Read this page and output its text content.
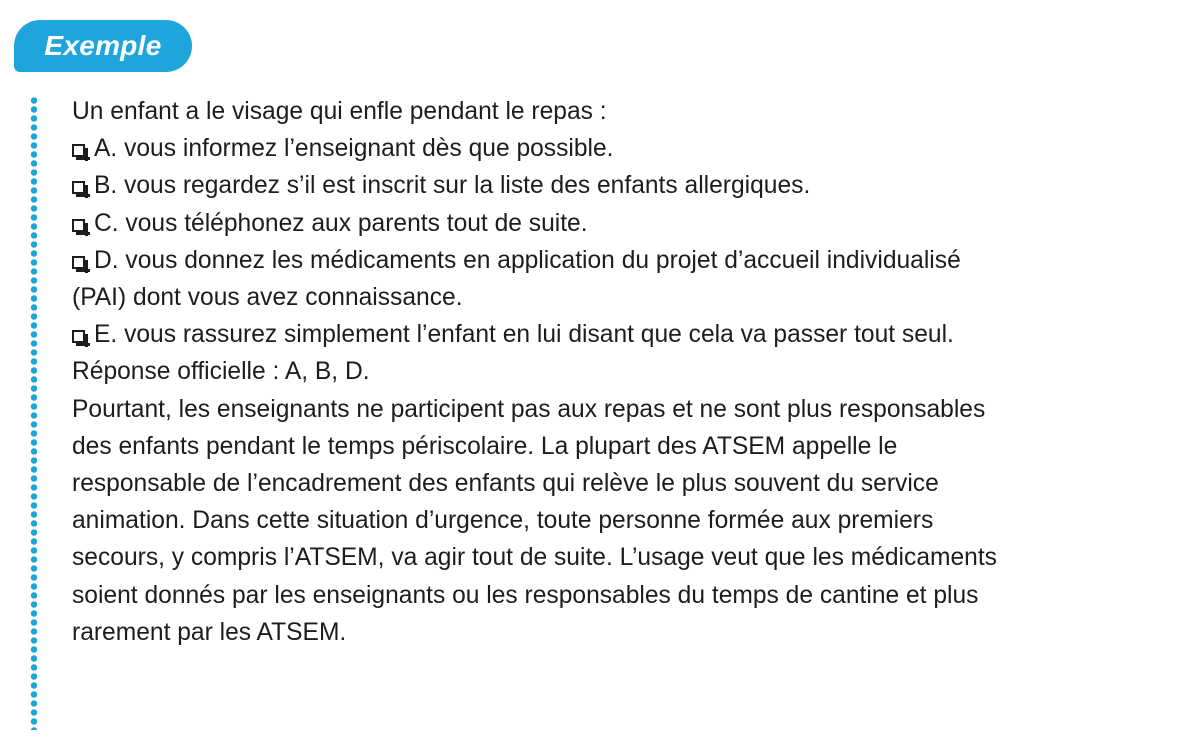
Exemple
Un enfant a le visage qui enfle pendant le repas :
A. vous informez l’enseignant dès que possible.
B. vous regardez s’il est inscrit sur la liste des enfants allergiques.
C. vous téléphonez aux parents tout de suite.
D. vous donnez les médicaments en application du projet d’accueil individualisé
(PAI) dont vous avez connaissance.
E. vous rassurez simplement l’enfant en lui disant que cela va passer tout seul.
Réponse officielle : A, B, D.
Pourtant, les enseignants ne participent pas aux repas et ne sont plus responsables
des enfants pendant le temps périscolaire. La plupart des ATSEM appelle le
responsable de l’encadrement des enfants qui relève le plus souvent du service
animation. Dans cette situation d’urgence, toute personne formée aux premiers
secours, y compris l’ATSEM, va agir tout de suite. L’usage veut que les médicaments
soient donnés par les enseignants ou les responsables du temps de cantine et plus
rarement par les ATSEM.
